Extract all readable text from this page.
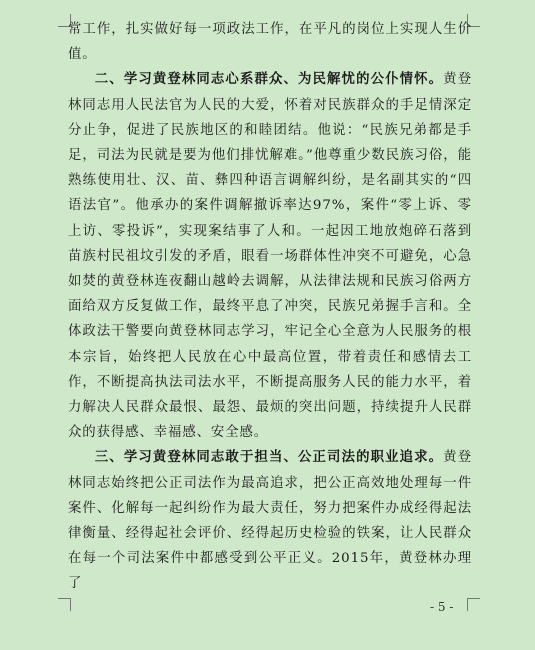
常工作，扎实做好每一项政法工作，在平凡的岗位上实现人生价值。

二、学习黄登林同志心系群众、为民解忧的公仆情怀。黄登林同志用人民法官为人民的大爱，怀着对民族群众的手足情深定分止争，促进了民族地区的和睦团结。他说：“民族兄弟都是手足，司法为民就是要为他们排忧解难。”他尊重少数民族习俗，能熟练使用壮、汉、苗、彝四种语言调解纠纷，是名副其实的“四语法官”。他承办的案件调解撤诉率达97%，案件“零上诉、零上访、零投诉”，实现案结事了人和。一起因工地放炮碎石落到苗族村民祖坟引发的矛盾，眼看一场群体性冲突不可避免，心急如焚的黄登林连夜翻山越岭去调解，从法律法规和民族习俗两方面给双方反复做工作，最终平息了冲突，民族兄弟握手言和。全体政法干警要向黄登林同志学习，牢记全心全意为人民服务的根本宗旨，始终把人民放在心中最高位置，带着责任和感情去工作，不断提高执法司法水平，不断提高服务人民的能力水平，着力解决人民群众最恨、最怨、最烦的突出问题，持续提升人民群众的获得感、幸福感、安全感。

三、学习黄登林同志敢于担当、公正司法的职业追求。黄登林同志始终把公正司法作为最高追求，把公正高效地处理每一件案件、化解每一起纠纷作为最大责任，努力把案件办成经得起法律衡量、经得起社会评价、经得起历史检验的铁案，让人民群众在每一个司法案件中都感受到公平正义。2015年，黄登林办理了

- 5 -
